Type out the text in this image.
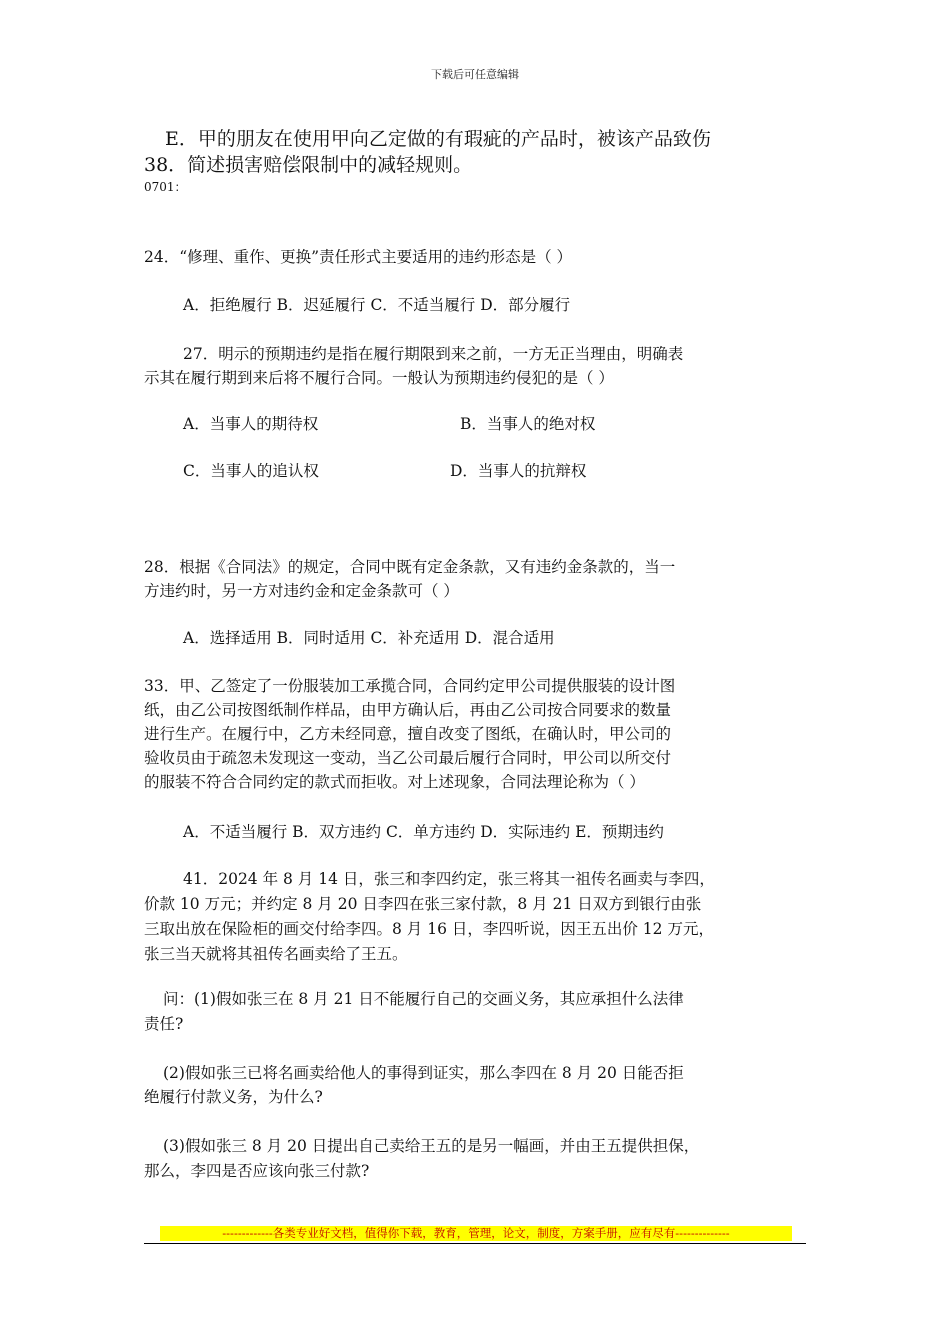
下载后可任意编辑
E．甲的朋友在使用甲向乙定做的有瑕疵的产品时，被该产品致伤
38．简述损害赔偿限制中的减轻规则。
0701：
24．“修理、重作、更换”责任形式主要适用的违约形态是（ ）
A．拒绝履行 B．迟延履行 C．不适当履行 D．部分履行
27．明示的预期违约是指在履行期限到来之前，一方无正当理由，明确表
示其在履行期到来后将不履行合同。一般认为预期违约侵犯的是（ ）
A．当事人的期待权	B．当事人的绝对权
C．当事人的追认权	D．当事人的抗辩权
28．根据《合同法》的规定，合同中既有定金条款，又有违约金条款的，当一
方违约时，另一方对违约金和定金条款可（ ）
A．选择适用 B．同时适用 C．补充适用 D．混合适用
33．甲、乙签定了一份服装加工承揽合同，合同约定甲公司提供服装的设计图
纸，由乙公司按图纸制作样品，由甲方确认后，再由乙公司按合同要求的数量
进行生产。在履行中，乙方未经同意，擅自改变了图纸，在确认时，甲公司的
验收员由于疏忽未发现这一变动，当乙公司最后履行合同时，甲公司以所交付
的服装不符合合同约定的款式而拒收。对上述现象，合同法理论称为（ ）
A．不适当履行 B．双方违约 C．单方违约 D．实际违约 E．预期违约
41．2024 年 8 月 14 日，张三和李四约定，张三将其一祖传名画卖与李四，
价款 10 万元；并约定 8 月 20 日李四在张三家付款，8 月 21 日双方到银行由张
三取出放在保险柜的画交付给李四。8 月 16 日，李四听说，因王五出价 12 万元，
张三当天就将其祖传名画卖给了王五。
问：(1)假如张三在 8 月 21 日不能履行自己的交画义务，其应承担什么法律
责任?
(2)假如张三已将名画卖给他人的事得到证实，那么李四在 8 月 20 日能否拒
绝履行付款义务，为什么?
(3)假如张三 8 月 20 日提出自己卖给王五的是另一幅画，并由王五提供担保，
那么，李四是否应该向张三付款?
-------------各类专业好文档，值得你下载，教育，管理，论文，制度，方案手册，应有尽有--------------
